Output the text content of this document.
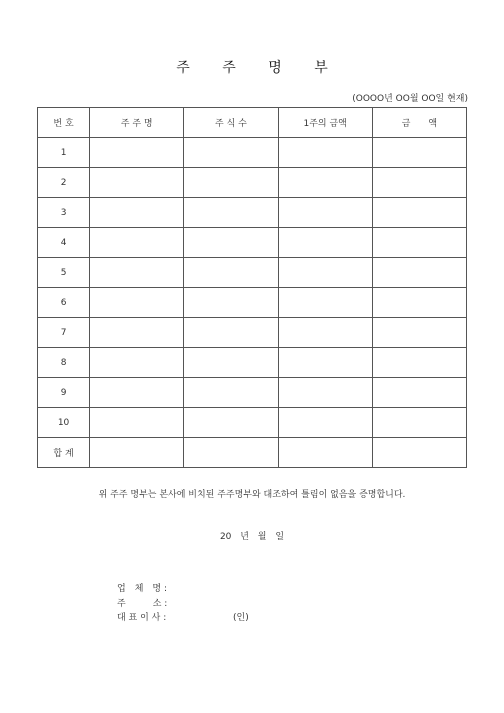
주 주 명 부
(OOOO년 OO월 OO일 현재)
번 호	주 주 명	주 식 수	1주의 금액	금　　액
1				
2				
3				
4				
5				
6				
7				
8				
9				
10				
합 계				
위 주주 명부는 본사에 비치된 주주명부와 대조하여 틀림이 없음을 증명합니다.
20 년 월 일
업　체　명 :
주　　　소 :
대 표 이 사 :	(인)
